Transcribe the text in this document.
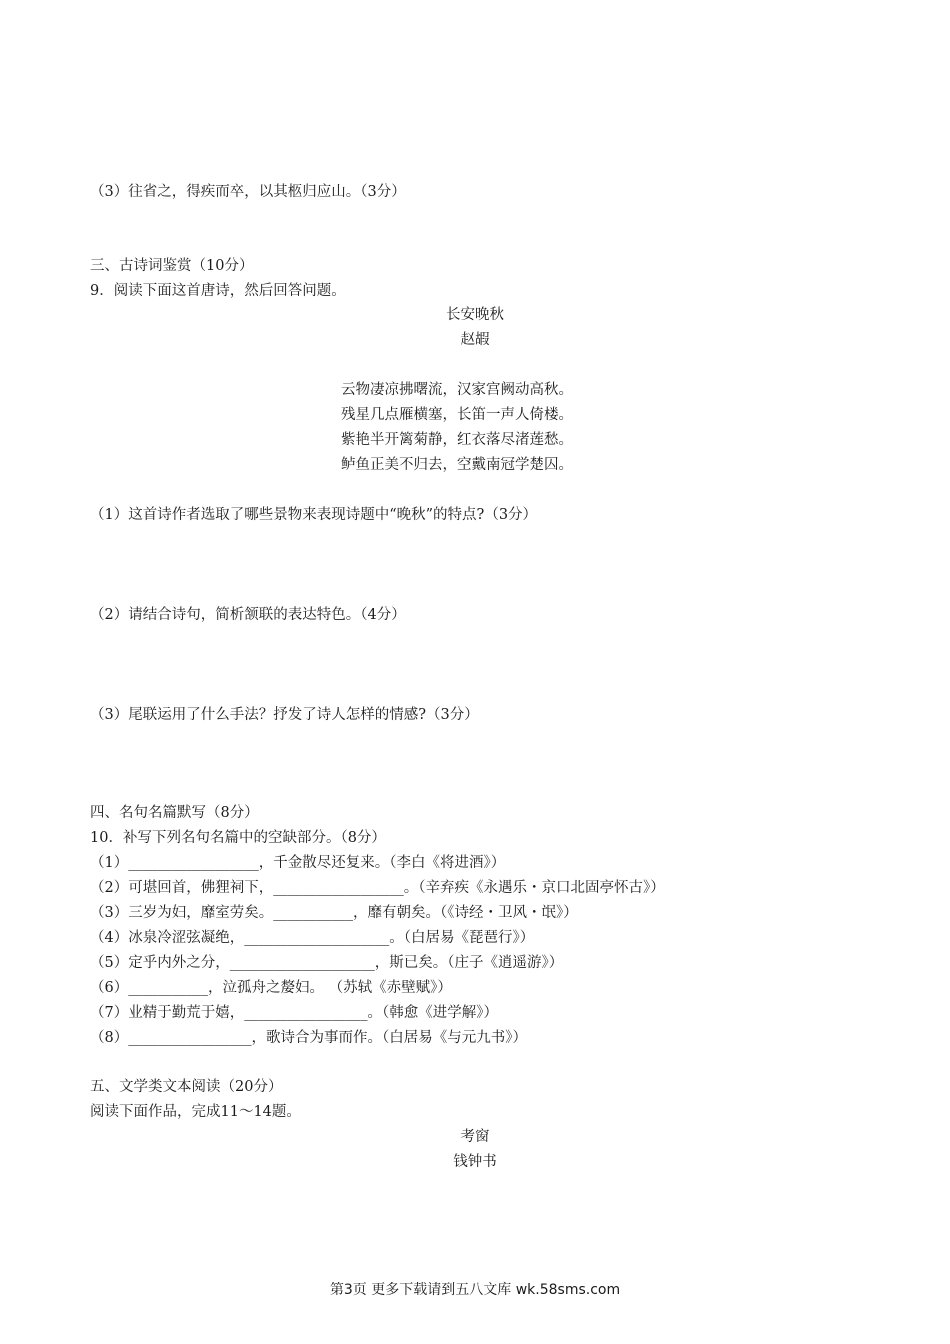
（3）往省之，得疾而卒，以其柩归应山。（3分）
三、古诗词鉴赏（10分）
9．阅读下面这首唐诗，然后回答问题。
长安晚秋
赵嘏
云物凄凉拂曙流，汉家宫阙动高秋。
残星几点雁横塞，长笛一声人倚楼。
紫艳半开篱菊静，红衣落尽渚莲愁。
鲈鱼正美不归去，空戴南冠学楚囚。
（1）这首诗作者选取了哪些景物来表现诗题中“晚秋”的特点?（3分）
（2）请结合诗句，简析颔联的表达特色。（4分）
（3）尾联运用了什么手法？抒发了诗人怎样的情感?（3分）
四、名句名篇默写（8分）
10．补写下列名句名篇中的空缺部分。（8分）
（1）__________________，千金散尽还复来。（李白《将进酒》）
（2）可堪回首，佛狸祠下，__________________。（辛弃疾《永遇乐・京口北固亭怀古》）
（3）三岁为妇，靡室劳矣。___________，靡有朝矣。（《诗经・卫风・氓》）
（4）冰泉冷涩弦凝绝，____________________。（白居易《琵琶行》）
（5）定乎内外之分，____________________，斯已矣。（庄子《逍遥游》）
（6）___________，泣孤舟之嫠妇。 （苏轼《赤壁赋》）
（7）业精于勤荒于嬉，_________________。（韩愈《进学解》）
（8）_________________，歌诗合为事而作。（白居易《与元九书》）
五、文学类文本阅读（20分）
阅读下面作品，完成11～14题。
考窗
钱钟书
第3页 更多下载请到五八文库 wk.58sms.com
